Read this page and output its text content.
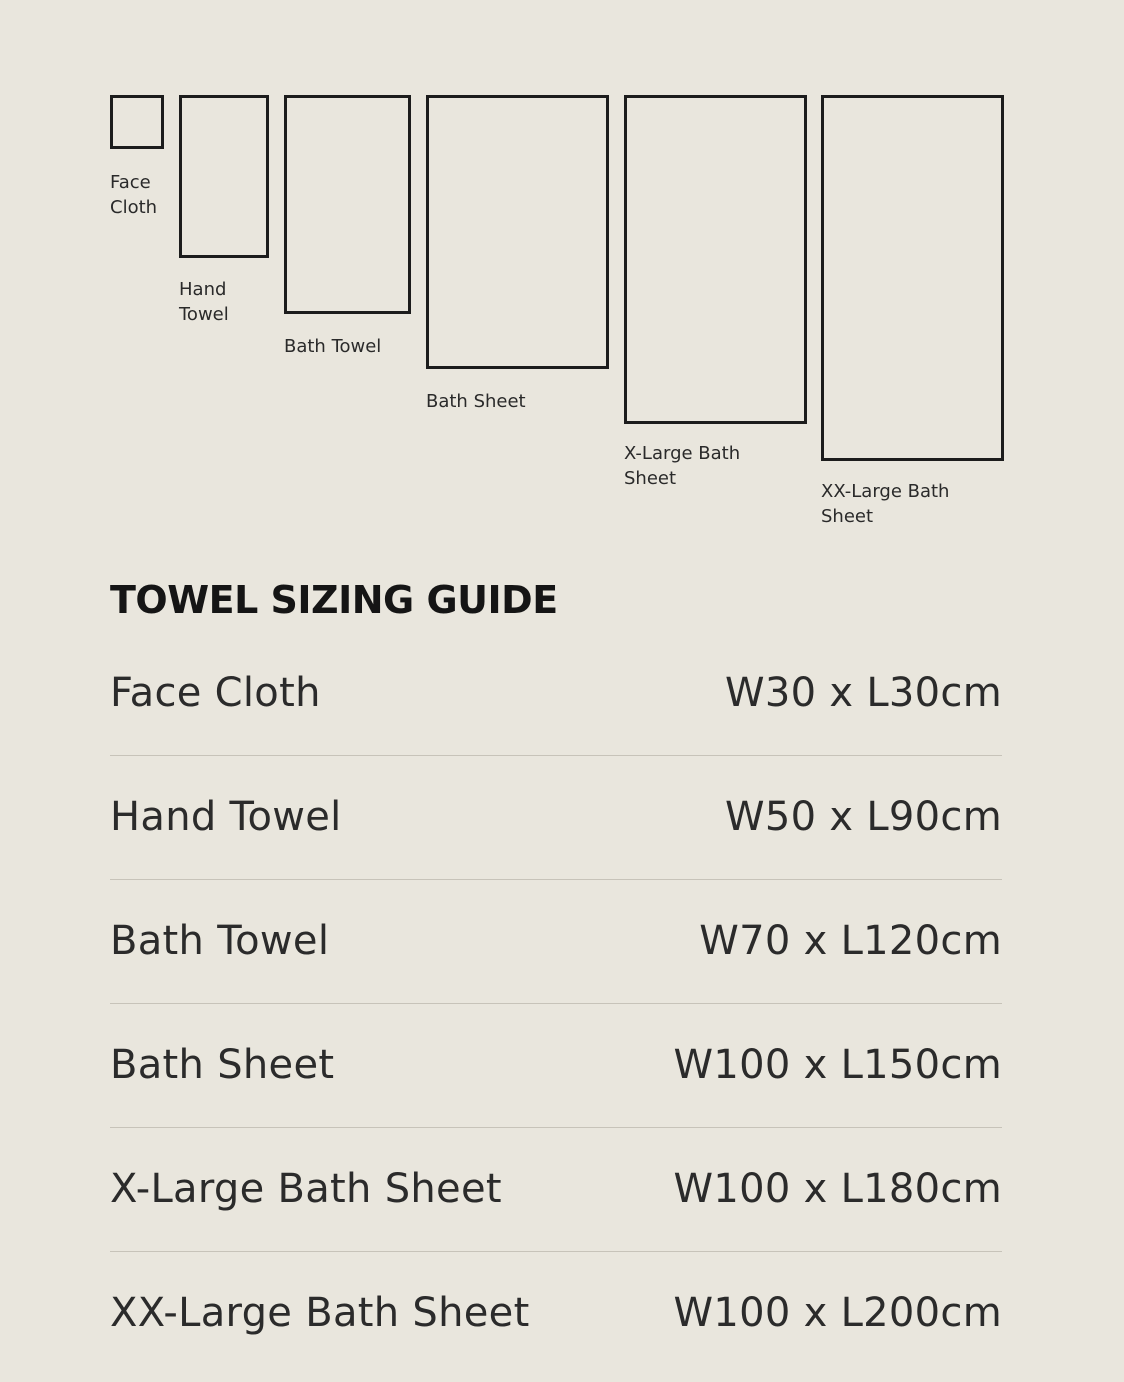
Face
Cloth
Hand
Towel
Bath Towel
Bath Sheet
X-Large Bath
Sheet
XX-Large Bath
Sheet
TOWEL SIZING GUIDE
Face Cloth	W30 x L30cm
Hand Towel	W50 x L90cm
Bath Towel	W70 x L120cm
Bath Sheet	W100 x L150cm
X-Large Bath Sheet	W100 x L180cm
XX-Large Bath Sheet	W100 x L200cm
